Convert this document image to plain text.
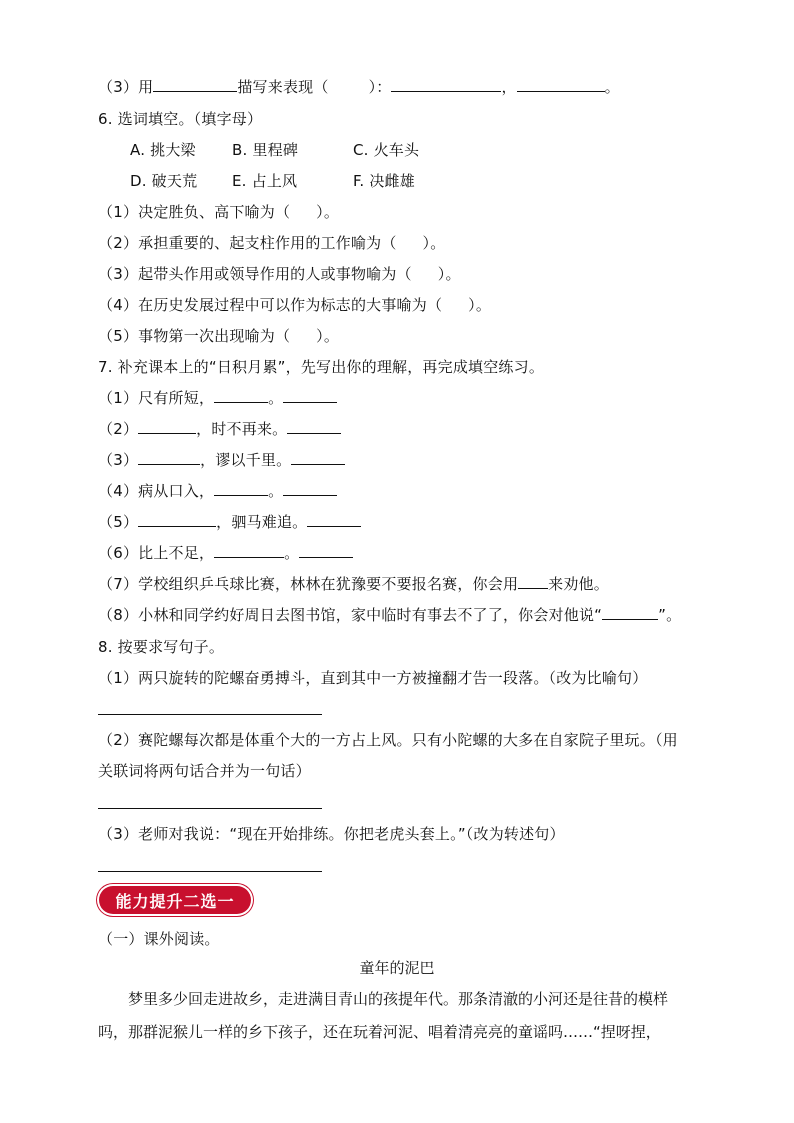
（3）用	描写来表现（	）：	，	。
6. 选词填空。（填字母）
A. 挑大梁 B. 里程碑	C. 火车头
D. 破天荒 E. 占上风	F. 决雌雄
（1）决定胜负、高下喻为（ ）。
（2）承担重要的、起支柱作用的工作喻为（ ）。
（3）起带头作用或领导作用的人或事物喻为（ ）。
（4）在历史发展过程中可以作为标志的大事喻为（ ）。
（5）事物第一次出现喻为（ ）。
7. 补充课本上的“日积月累”，先写出你的理解，再完成填空练习。
（1）尺有所短，	。
（2）	，时不再来。
（3）	，谬以千里。
（4）病从口入，	。
（5）	，驷马难追。
（6）比上不足，	。
（7）学校组织乒乓球比赛，林林在犹豫要不要报名赛，你会用 来劝他。
（8）小林和同学约好周日去图书馆，家中临时有事去不了了，你会对他说“	”。
8. 按要求写句子。
（1）两只旋转的陀螺奋勇搏斗，直到其中一方被撞翻才告一段落。（改为比喻句）
（2）赛陀螺每次都是体重个大的一方占上风。只有小陀螺的大多在自家院子里玩。（用
关联词将两句话合并为一句话）
（3）老师对我说：“现在开始排练。你把老虎头套上。”（改为转述句）
能力提升二选一
（一）课外阅读。
童年的泥巴
梦里多少回走进故乡，走进满目青山的孩提年代。那条清澈的小河还是往昔的模样
吗，那群泥猴儿一样的乡下孩子，还在玩着河泥、唱着清亮亮的童谣吗……“捏呀捏，
